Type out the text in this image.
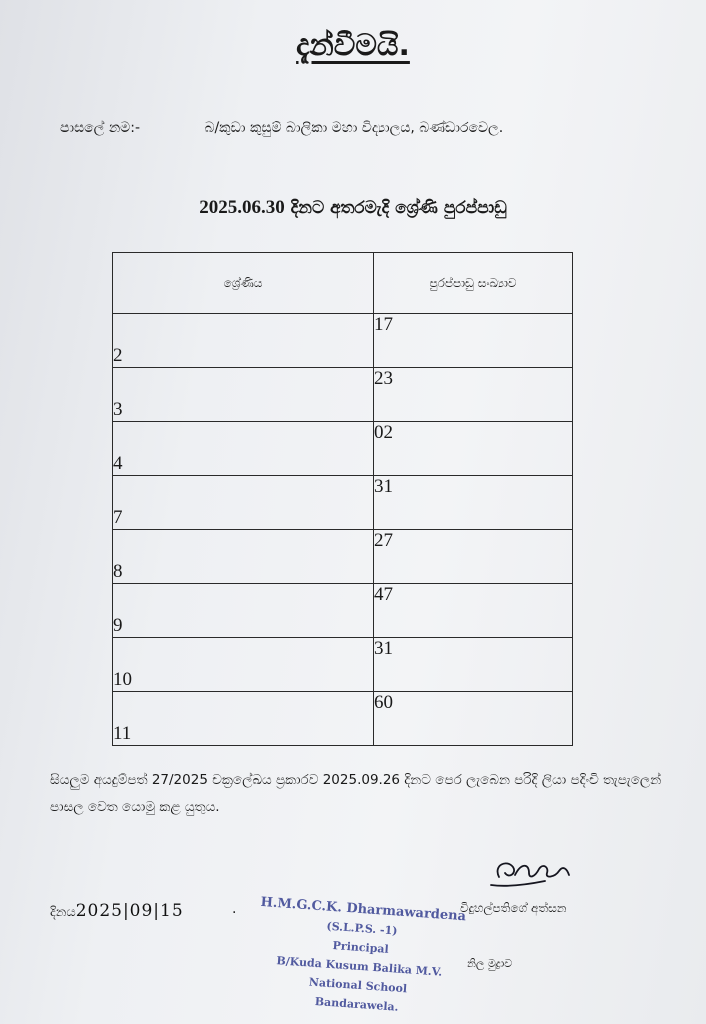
දැන්වීමයි.
පාසලේ නම:-	බ/කුඩා කුසුම් බාලිකා මහා විද්‍යාලය, බණ්ඩාරවෙල.
2025.06.30 දිනට අතරමැදි ශ්‍රේණි පුරප්පාඩු
ශ්‍රේණිය	පුරප්පාඩු සංඛ්‍යාව
2	17
3	23
4	02
7	31
8	27
9	47
10	31
11	60
සියලුම අයදුම්පත් 27/2025 චක්‍රලේඛය ප්‍රකාරව 2025.09.26 දිනට පෙර ලැබෙන පරිදි ලියා පදිංචි තැපැලෙන් පාසල වෙත යොමු කළ යුතුය.
දිනය2025|09|15	· H.M.G.C.K. Dharmawardena
(S.L.P.S. -1)
Principal
B/Kuda Kusum Balika M.V.
National School
Bandarawela.
විදුහල්පතිගේ අත්සන
නිල මුද්‍රාව
